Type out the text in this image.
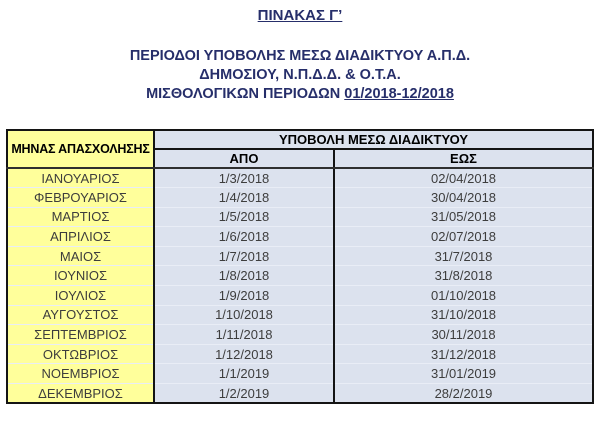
ΠΙΝΑΚΑΣ Γ’
ΠΕΡΙΟΔΟΙ ΥΠΟΒΟΛΗΣ ΜΕΣΩ ΔΙΑΔΙΚΤΥΟΥ Α.Π.Δ.
ΔΗΜΟΣΙΟΥ, Ν.Π.Δ.Δ. & Ο.Τ.Α.
ΜΙΣΘΟΛΟΓΙΚΩΝ ΠΕΡΙΟΔΩΝ 01/2018-12/2018
ΜΗΝΑΣ ΑΠΑΣΧΟΛΗΣΗΣ	ΥΠΟΒΟΛΗ ΜΕΣΩ ΔΙΑΔΙΚΤΥΟΥ	
	ΑΠΟ	ΕΩΣ
ΙΑΝΟΥΑΡΙΟΣ	1/3/2018	02/04/2018
ΦΕΒΡΟΥΑΡΙΟΣ	1/4/2018	30/04/2018
ΜΑΡΤΙΟΣ	1/5/2018	31/05/2018
ΑΠΡΙΛΙΟΣ	1/6/2018	02/07/2018
ΜΑΙΟΣ	1/7/2018	31/7/2018
ΙΟΥΝΙΟΣ	1/8/2018	31/8/2018
ΙΟΥΛΙΟΣ	1/9/2018	01/10/2018
ΑΥΓΟΥΣΤΟΣ	1/10/2018	31/10/2018
ΣΕΠΤΕΜΒΡΙΟΣ	1/11/2018	30/11/2018
ΟΚΤΩΒΡΙΟΣ	1/12/2018	31/12/2018
ΝΟΕΜΒΡΙΟΣ	1/1/2019	31/01/2019
ΔΕΚΕΜΒΡΙΟΣ	1/2/2019	28/2/2019
